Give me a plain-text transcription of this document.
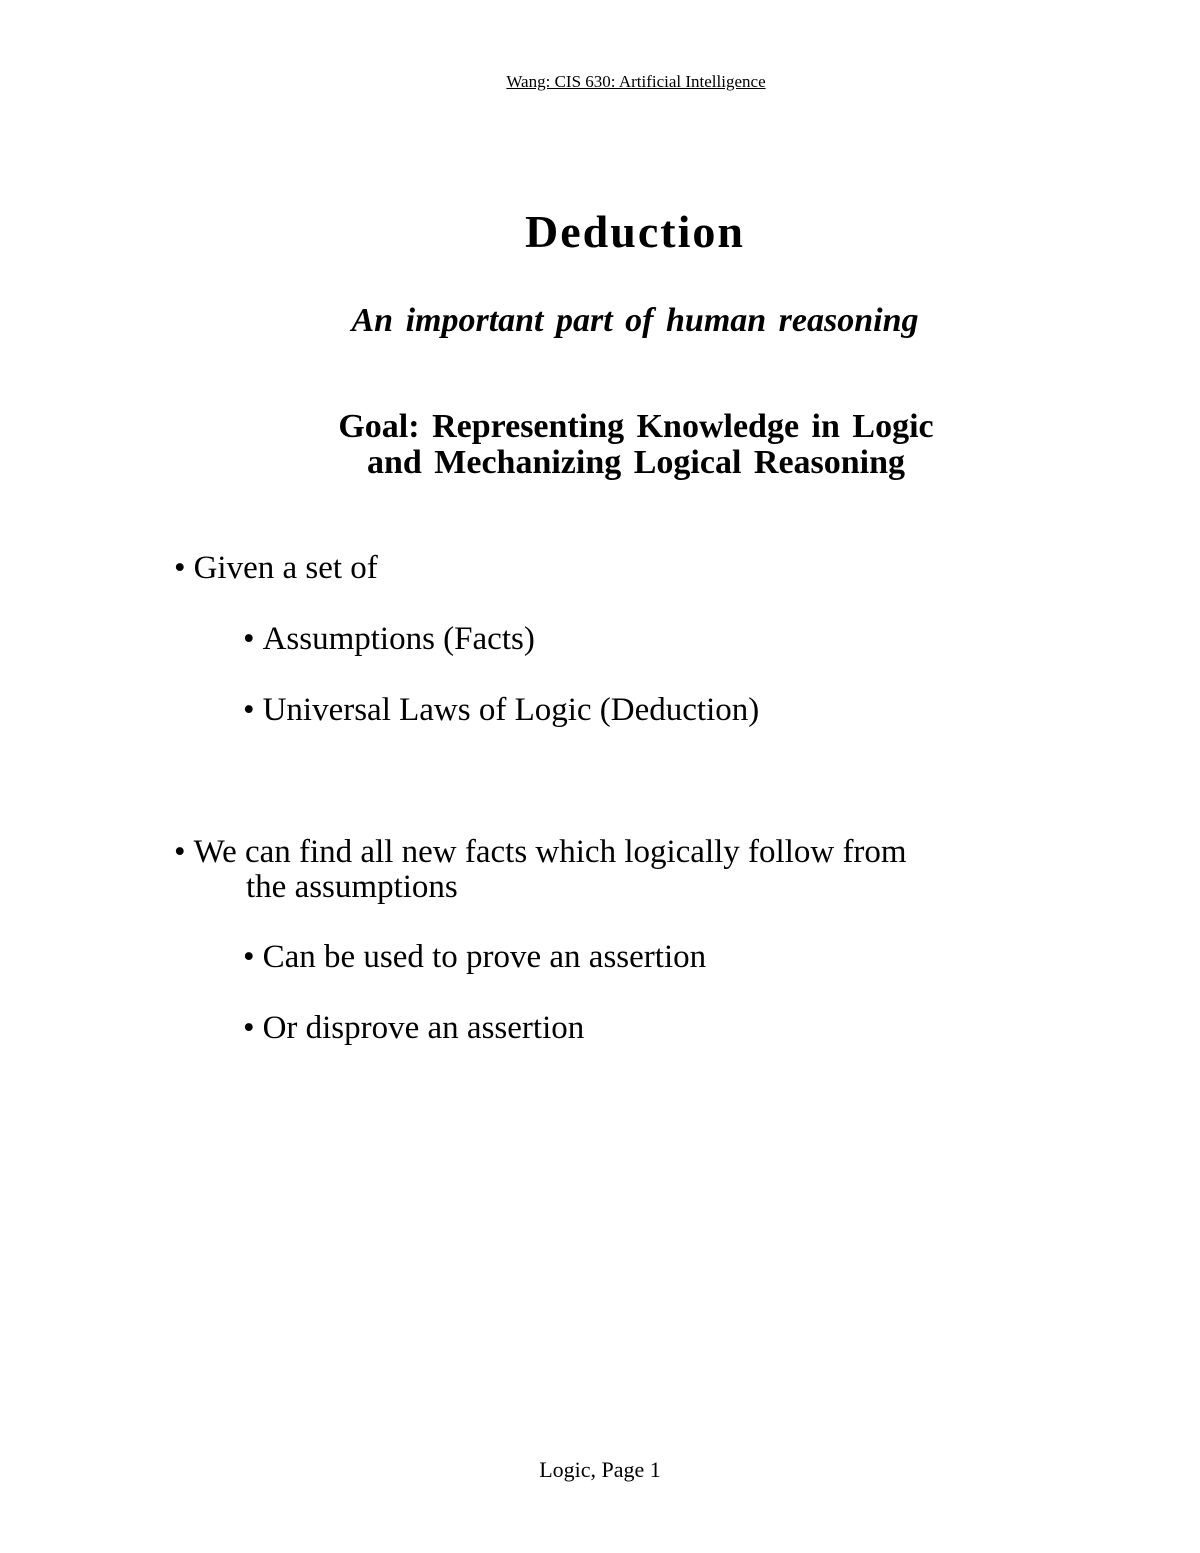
Wang: CIS 630: Artificial Intelligence
Deduction
An important part of human reasoning
Goal: Representing Knowledge in Logic
and Mechanizing Logical Reasoning
• Given a set of
• Assumptions (Facts)
• Universal Laws of Logic (Deduction)
• We can find all new facts which logically follow from
the assumptions
• Can be used to prove an assertion
• Or disprove an assertion
Logic, Page 1
